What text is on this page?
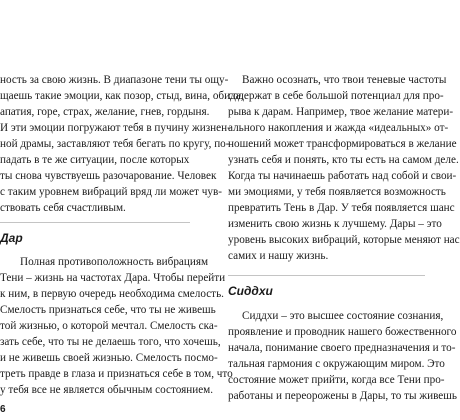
ность за свою жизнь. В диапазоне тени ты ощу-
щаешь такие эмоции, как позор, стыд, вина, обида,
апатия, горе, страх, желание, гнев, гордыня.
И эти эмоции погружают тебя в пучину жизнен-
ной драмы, заставляют тебя бегать по кругу, по-
падать в те же ситуации, после которых
ты снова чувствуешь разочарование. Человек
с таким уровнем вибраций вряд ли может чув-
ствовать себя счастливым.
Дар
Полная противоположность вибрациям
Тени – жизнь на частотах Дара. Чтобы перейти
к ним, в первую очередь необходима смелость.
Смелость признаться себе, что ты не живешь
той жизнью, о которой мечтал. Смелость ска-
зать себе, что ты не делаешь того, что хочешь,
и не живешь своей жизнью. Смелость посмо-
треть правде в глаза и признаться себе в том, что
у тебя все не является обычным состоянием.
6
Важно осознать, что твои теневые частоты
содержат в себе большой потенциал для про-
рыва к дарам. Например, твое желание матери-
ального накопления и жажда «идеальных» от-
ношений может трансформироваться в желание
узнать себя и понять, кто ты есть на самом деле.
Когда ты начинаешь работать над собой и свои-
ми эмоциями, у тебя появляется возможность
превратить Тень в Дар. У тебя появляется шанс
изменить свою жизнь к лучшему. Дары – это
уровень высоких вибраций, которые меняют нас
самих и нашу жизнь.
Сиддхи
Сиддхи – это высшее состояние сознания,
проявление и проводник нашего божественного
начала, понимание своего предназначения и то-
тальная гармония с окружающим миром. Это
состояние может прийти, когда все Тени про-
работаны и переорожены в Дары, то ты живешь
